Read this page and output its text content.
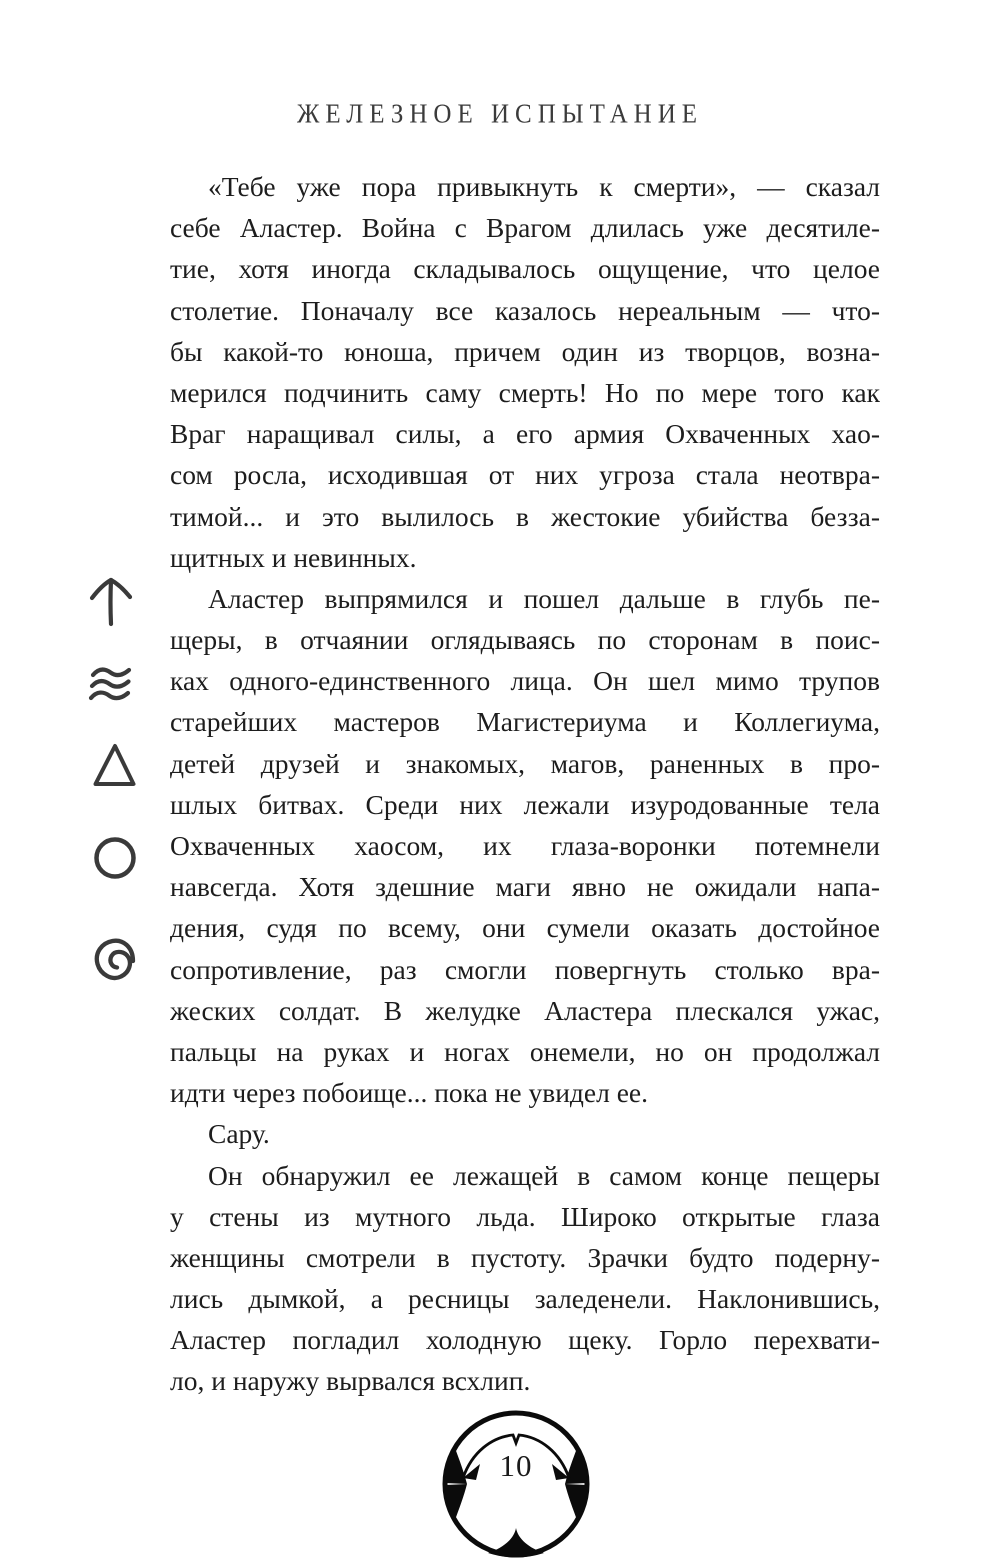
ЖЕЛЕЗНОЕ ИСПЫТАНИЕ
«Тебе уже пора привыкнуть к смерти», — сказал
себе Аластер. Война с Врагом длилась уже десятиле-
тие, хотя иногда складывалось ощущение, что целое
столетие. Поначалу все казалось нереальным — что-
бы какой-то юноша, причем один из творцов, возна-
мерился подчинить саму смерть! Но по мере того как
Враг наращивал силы, а его армия Охваченных хао-
сом росла, исходившая от них угроза стала неотвра-
тимой... и это вылилось в жестокие убийства безза-
щитных и невинных.
Аластер выпрямился и пошел дальше в глубь пе-
щеры, в отчаянии оглядываясь по сторонам в поис-
ках одного-единственного лица. Он шел мимо трупов
старейших мастеров Магистериума и Коллегиума,
детей друзей и знакомых, магов, раненных в про-
шлых битвах. Среди них лежали изуродованные тела
Охваченных хаосом, их глаза-воронки потемнели
навсегда. Хотя здешние маги явно не ожидали напа-
дения, судя по всему, они сумели оказать достойное
сопротивление, раз смогли повергнуть столько вра-
жеских солдат. В желудке Аластера плескался ужас,
пальцы на руках и ногах онемели, но он продолжал
идти через побоище... пока не увидел ее.
Сару.
Он обнаружил ее лежащей в самом конце пещеры
у стены из мутного льда. Широко открытые глаза
женщины смотрели в пустоту. Зрачки будто подерну-
лись дымкой, а ресницы заледенели. Наклонившись,
Аластер погладил холодную щеку. Горло перехвати-
ло, и наружу вырвался всхлип.
10
